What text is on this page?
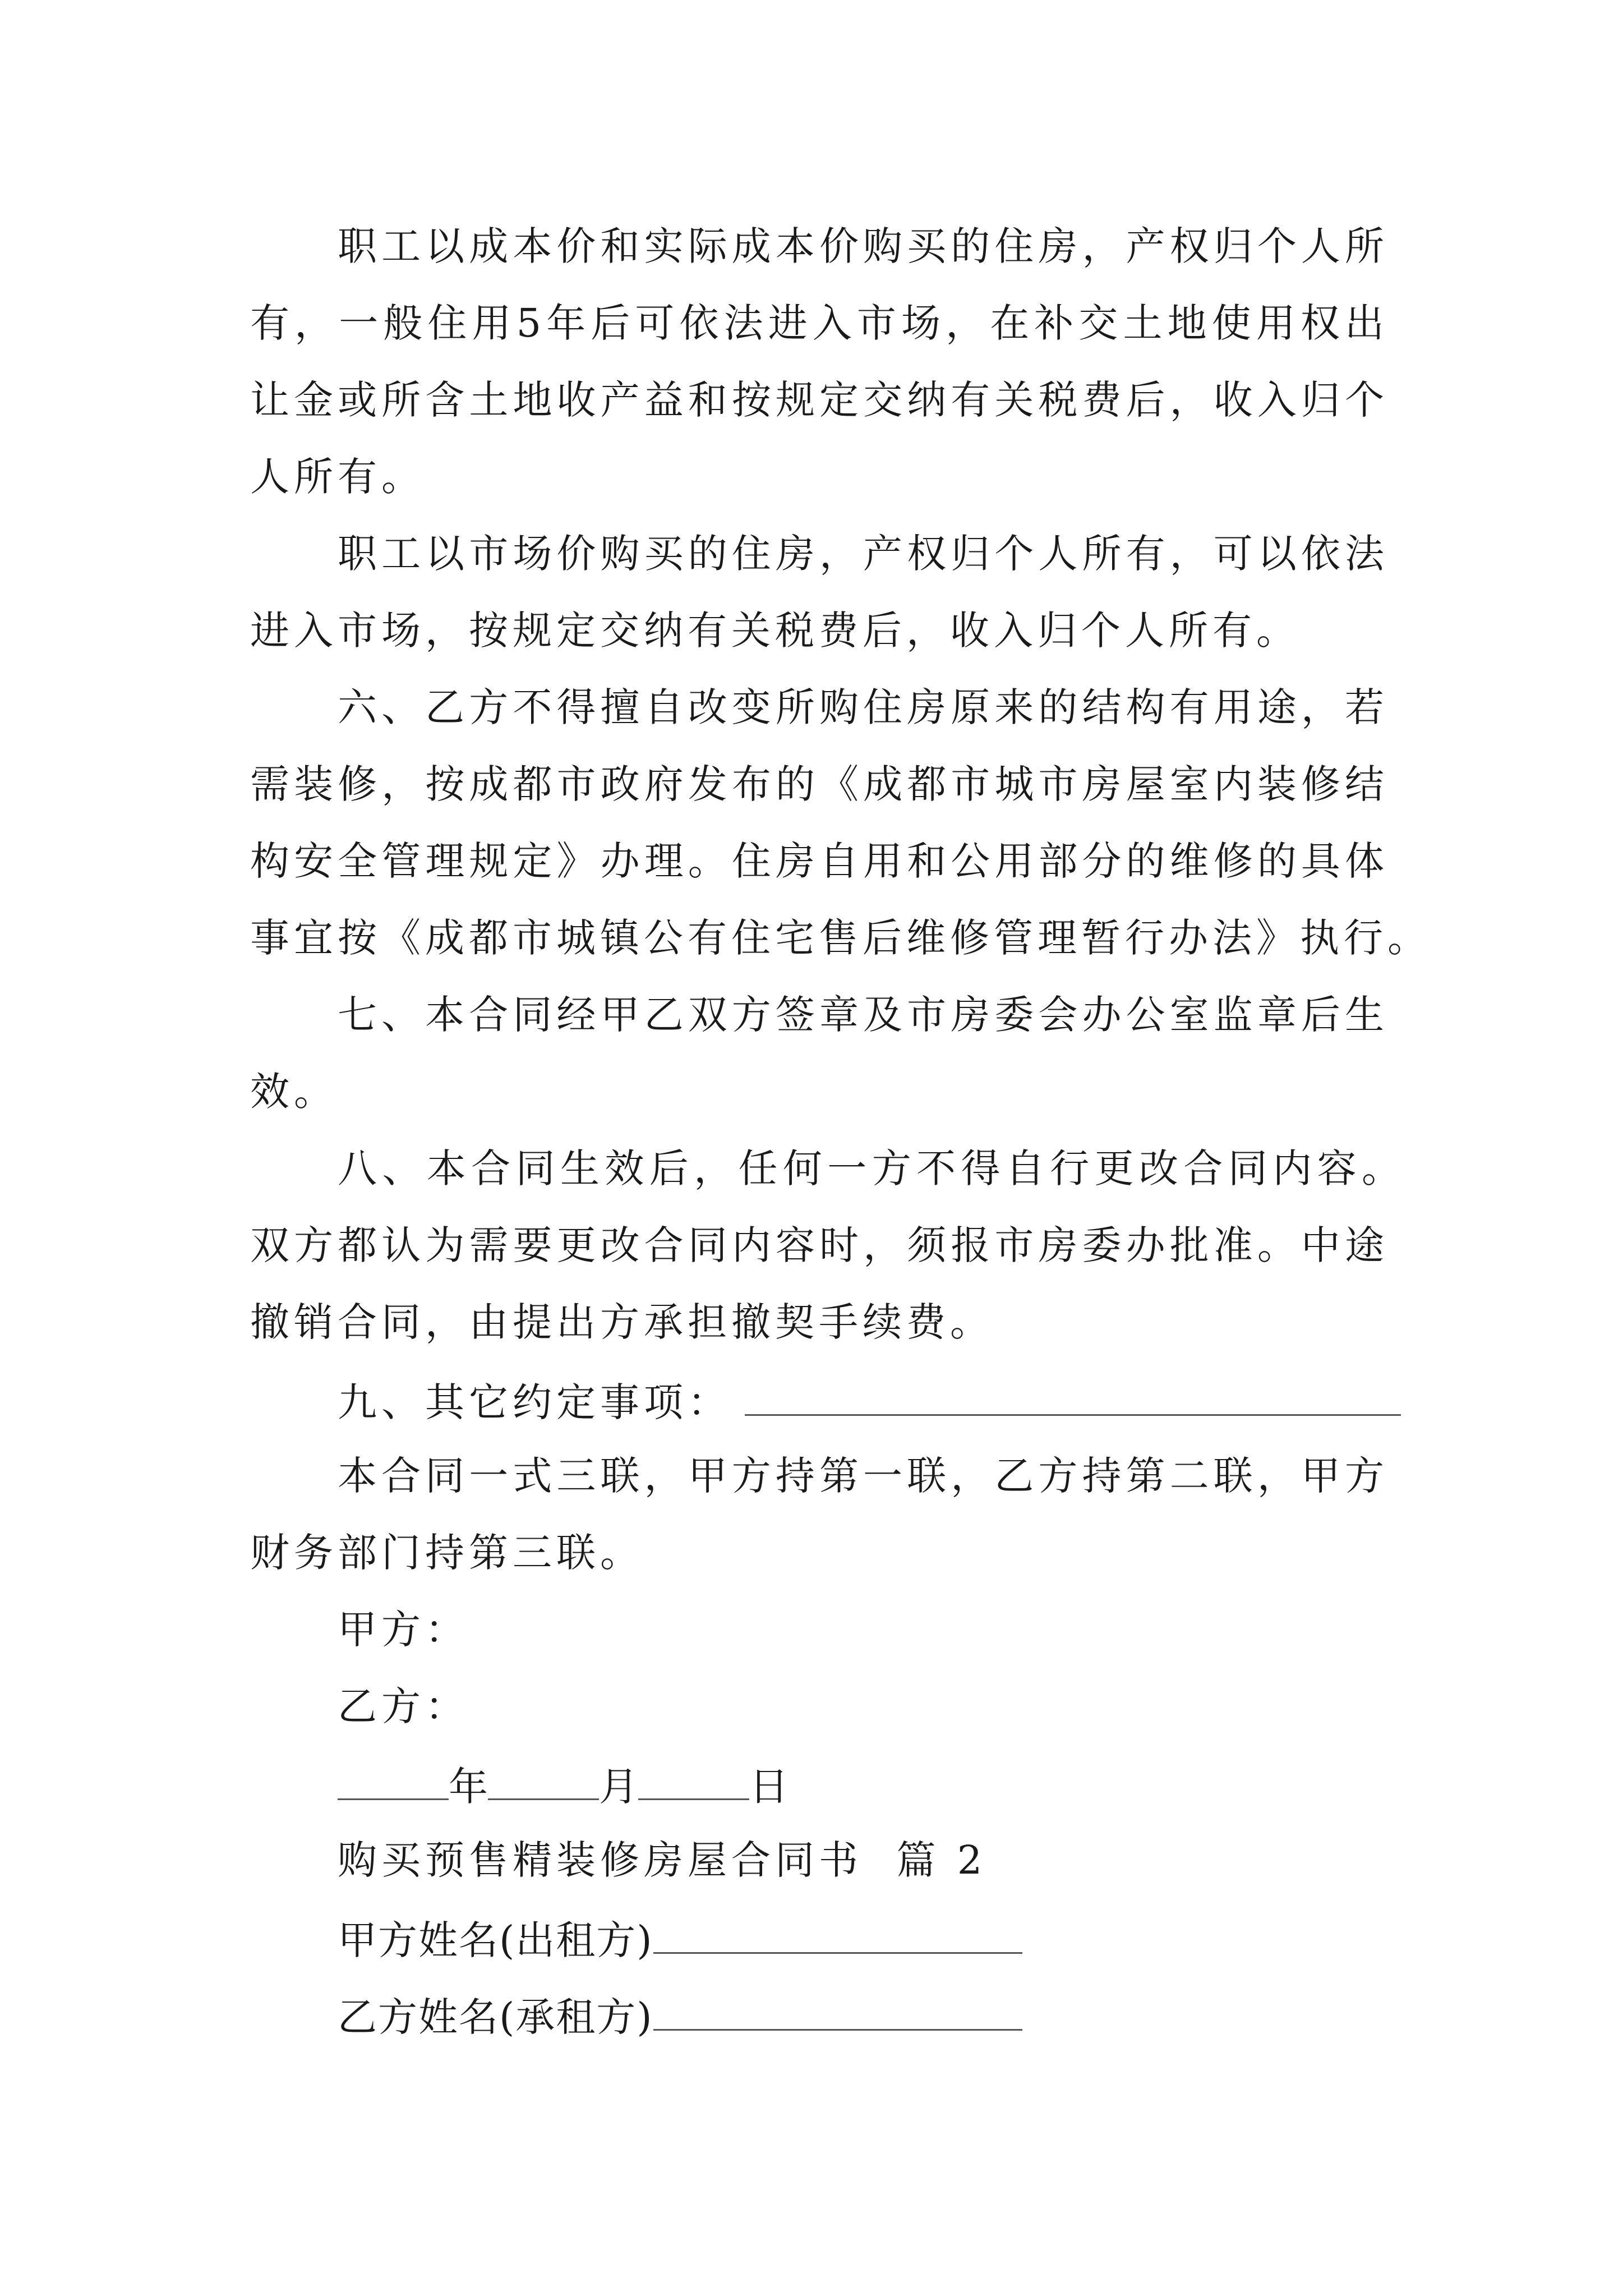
职工以成本价和实际成本价购买的住房，产权归个人所
有，一般住用5年后可依法进入市场，在补交土地使用权出
让金或所含土地收产益和按规定交纳有关税费后，收入归个
人所有。
职工以市场价购买的住房，产权归个人所有，可以依法
进入市场，按规定交纳有关税费后，收入归个人所有。
六、乙方不得擅自改变所购住房原来的结构有用途，若
需装修，按成都市政府发布的《成都市城市房屋室内装修结
构安全管理规定》办理。住房自用和公用部分的维修的具体
事宜按《成都市城镇公有住宅售后维修管理暂行办法》执行。
七、本合同经甲乙双方签章及市房委会办公室监章后生
效。
八、本合同生效后，任何一方不得自行更改合同内容。
双方都认为需要更改合同内容时，须报市房委办批准。中途
撤销合同，由提出方承担撤契手续费。
九、其它约定事项：
本合同一式三联，甲方持第一联，乙方持第二联，甲方
财务部门持第三联。
甲方：
乙方：
年	月	日
购买预售精装修房屋合同书  篇 2
甲方姓名(出租方)
乙方姓名(承租方)
